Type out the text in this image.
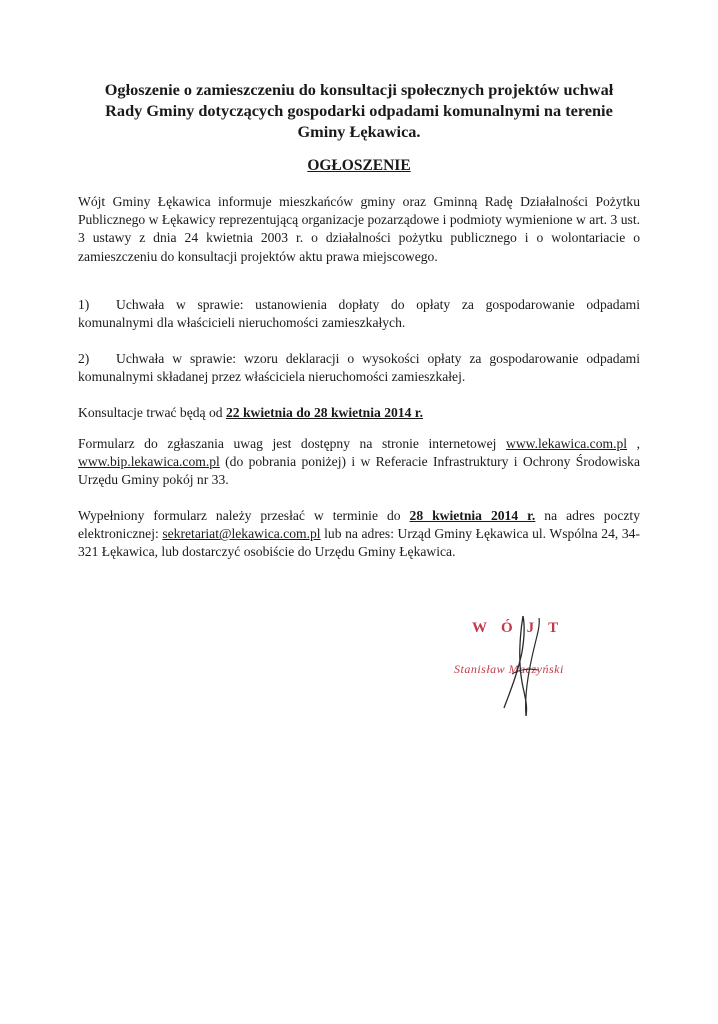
Ogłoszenie o zamieszczeniu do konsultacji społecznych projektów uchwał
Rady Gminy dotyczących gospodarki odpadami komunalnymi na terenie
Gminy Łękawica.
OGŁOSZENIE

Wójt Gminy Łękawica informuje mieszkańców gminy oraz Gminną Radę Działalności Pożytku Publicznego w Łękawicy reprezentującą organizacje pozarządowe i podmioty wymienione w art. 3 ust. 3 ustawy z dnia 24 kwietnia 2003 r. o działalności pożytku publicznego i o wolontariacie o zamieszczeniu do konsultacji projektów aktu prawa miejscowego.

1) Uchwała w sprawie: ustanowienia dopłaty do opłaty za gospodarowanie odpadami komunalnymi dla właścicieli nieruchomości zamieszkałych.

2) Uchwała w sprawie: wzoru deklaracji o wysokości opłaty za gospodarowanie odpadami komunalnymi składanej przez właściciela nieruchomości zamieszkałej.

Konsultacje trwać będą od 22 kwietnia do 28 kwietnia 2014 r.

Formularz do zgłaszania uwag jest dostępny na stronie internetowej www.lekawica.com.pl , www.bip.lekawica.com.pl (do pobrania poniżej) i w Referacie Infrastruktury i Ochrony Środowiska Urzędu Gminy pokój nr 33.

Wypełniony formularz należy przesłać w terminie do 28 kwietnia 2014 r. na adres poczty elektronicznej: sekretariat@lekawica.com.pl lub na adres: Urząd Gminy Łękawica ul. Wspólna 24, 34-321 Łękawica, lub dostarczyć osobiście do Urzędu Gminy Łękawica.

WÓJT

Stanisław Maczyński
